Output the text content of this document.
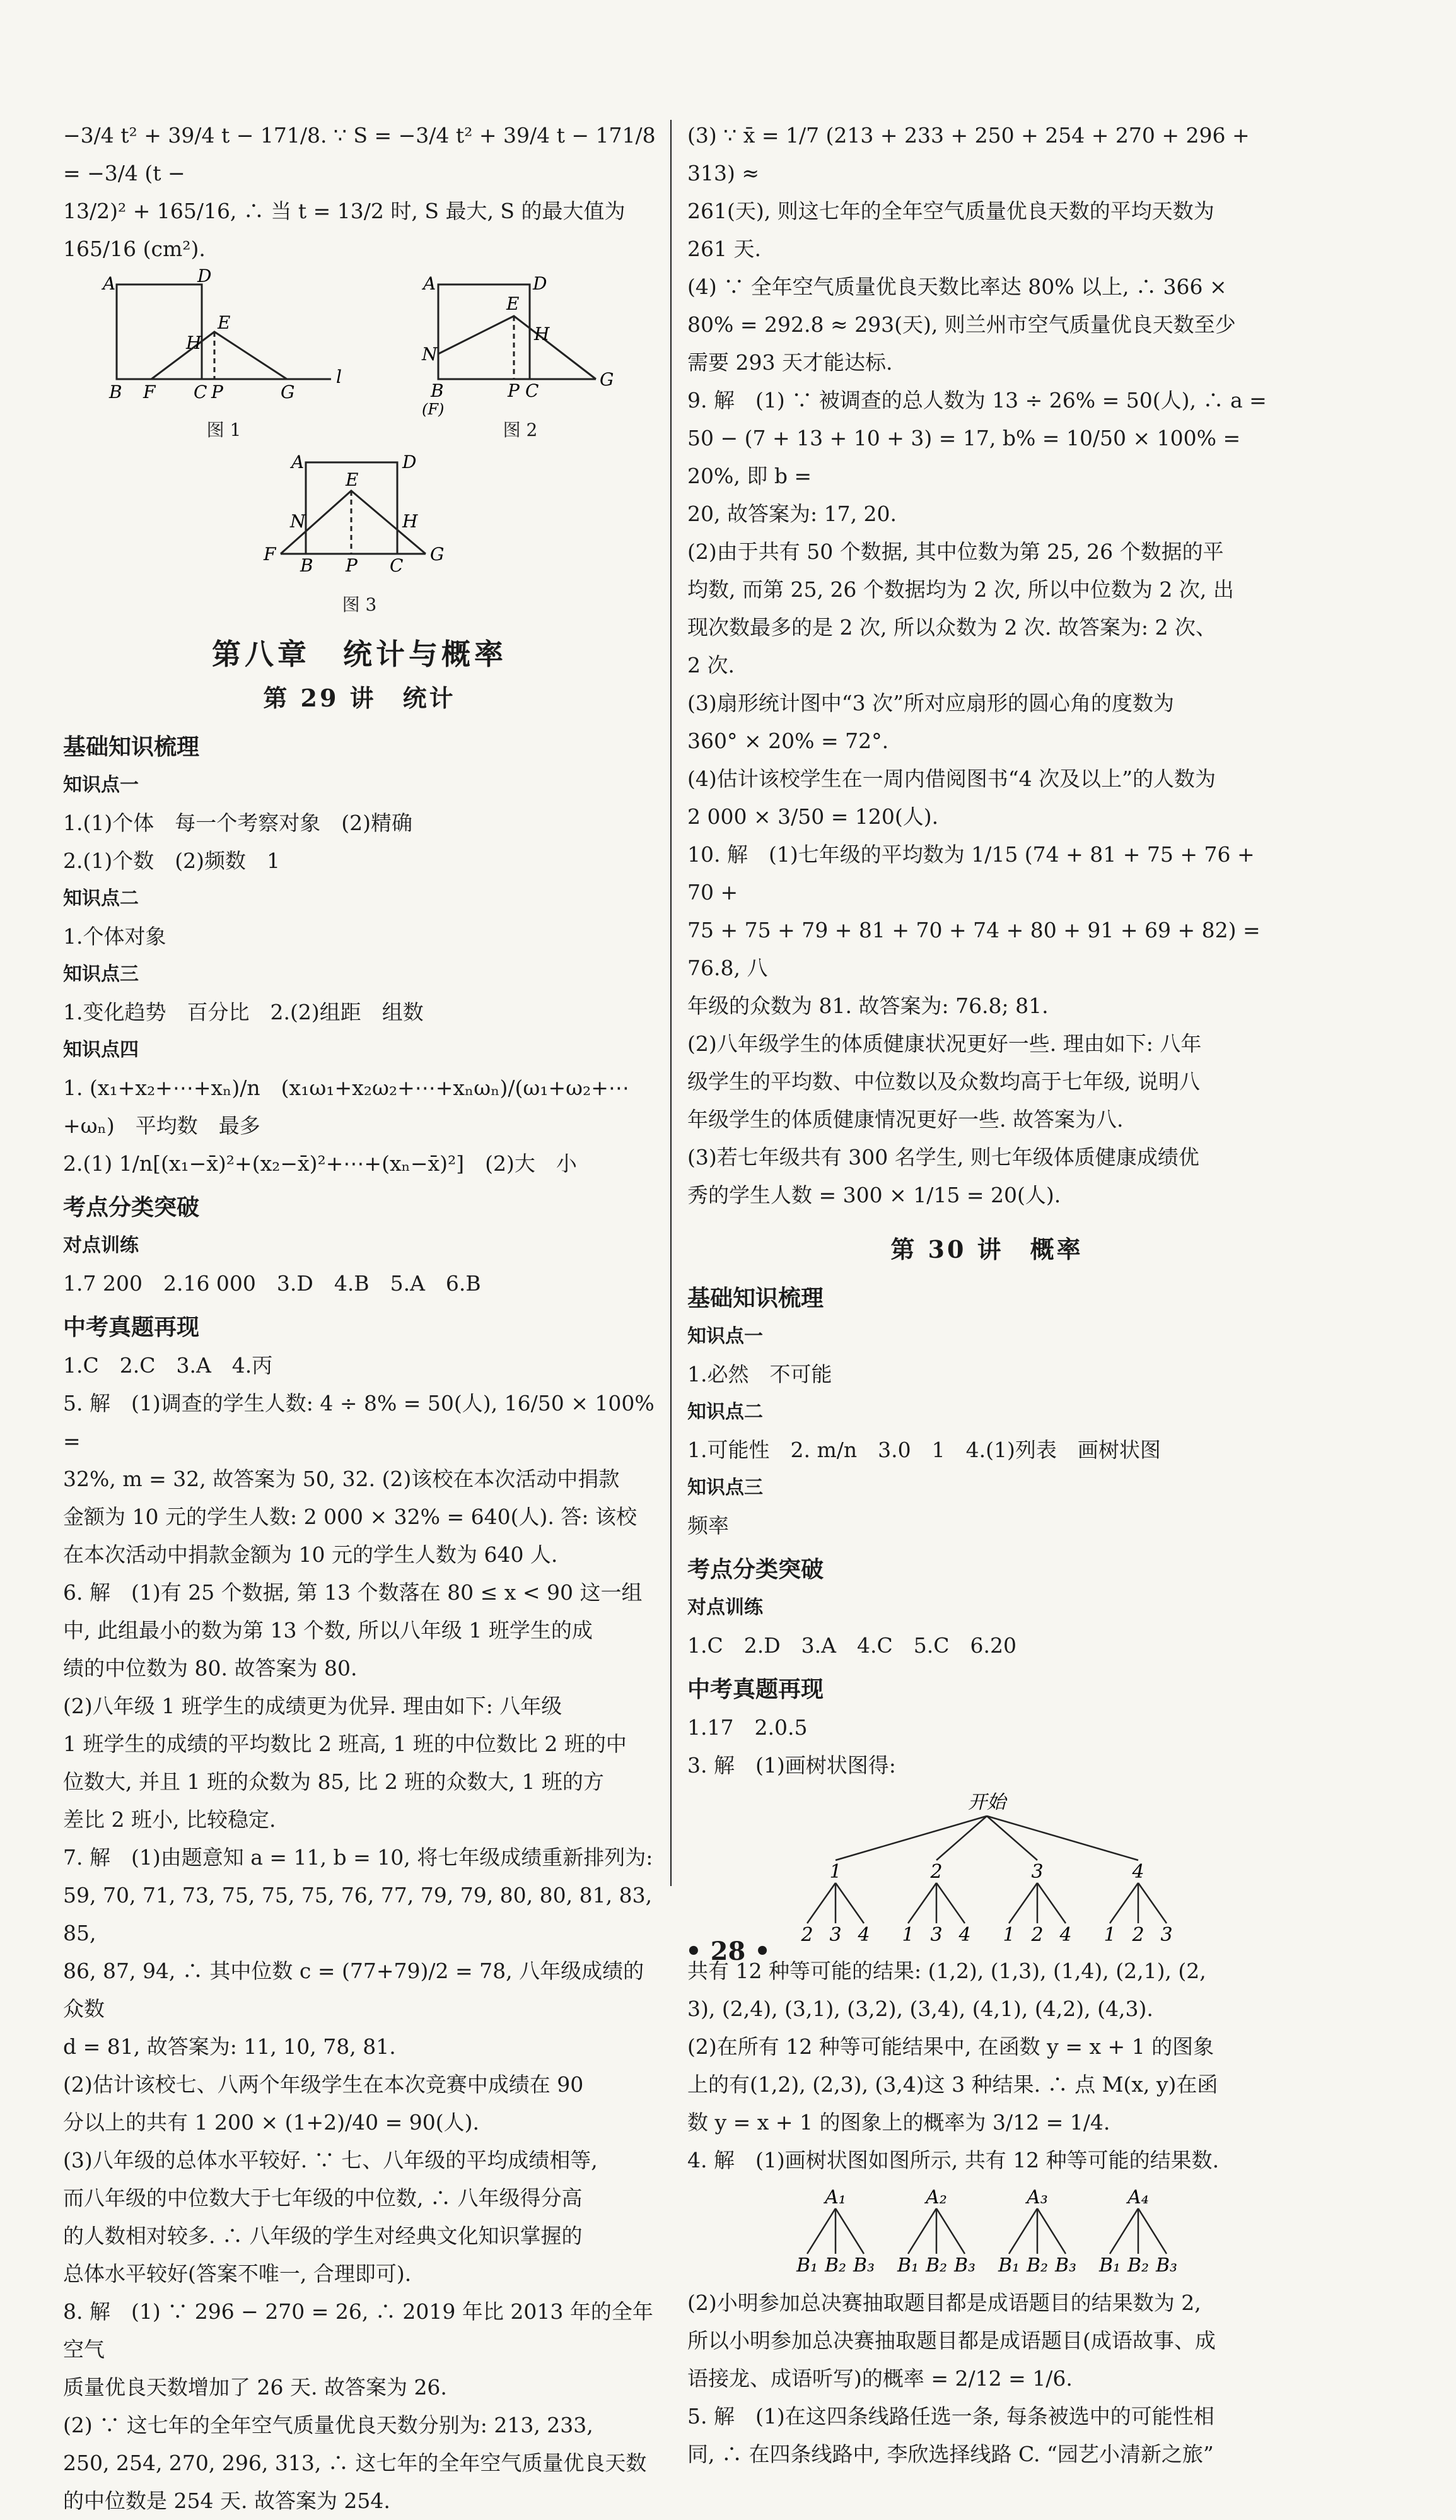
−3/4 t² + 39/4 t − 171/8. ∵ S = −3/4 t² + 39/4 t − 171/8 = −3/4 (t −

13/2)² + 165/16, ∴ 当 t = 13/2 时, S 最大, S 的最大值为 165/16 (cm²).

A	D
E
H
B F C P	G
l
图 1
A	D
E
H
N
B
(F)
P C
G
图 2
A	D
E
N	H
F
B P C
G
图 3
第八章　统计与概率
第 29 讲　统计
基础知识梳理
知识点一

1.(1)个体　每一个考察对象　(2)精确

2.(1)个数　(2)频数　1

知识点二

1.个体对象

知识点三

1.变化趋势　百分比　2.(2)组距　组数

知识点四

1. (x₁+x₂+⋯+xₙ)/n　(x₁ω₁+x₂ω₂+⋯+xₙωₙ)/(ω₁+ω₂+⋯+ωₙ)　平均数　最多

2.(1) 1/n[(x₁−x̄)²+(x₂−x̄)²+⋯+(xₙ−x̄)²]　(2)大　小

考点分类突破
对点训练

1.7 200　2.16 000　3.D　4.B　5.A　6.B

中考真题再现

1.C　2.C　3.A　4.丙

5. 解　(1)调查的学生人数: 4 ÷ 8% = 50(人), 16/50 × 100% =

32%, m = 32, 故答案为 50, 32. (2)该校在本次活动中捐款

金额为 10 元的学生人数: 2 000 × 32% = 640(人). 答: 该校

在本次活动中捐款金额为 10 元的学生人数为 640 人.

6. 解　(1)有 25 个数据, 第 13 个数落在 80 ≤ x < 90 这一组

中, 此组最小的数为第 13 个数, 所以八年级 1 班学生的成

绩的中位数为 80. 故答案为 80.

(2)八年级 1 班学生的成绩更为优异. 理由如下: 八年级

1 班学生的成绩的平均数比 2 班高, 1 班的中位数比 2 班的中

位数大, 并且 1 班的众数为 85, 比 2 班的众数大, 1 班的方

差比 2 班小, 比较稳定.

7. 解　(1)由题意知 a = 11, b = 10, 将七年级成绩重新排列为:

59, 70, 71, 73, 75, 75, 75, 76, 77, 79, 79, 80, 80, 81, 83, 85,

86, 87, 94, ∴ 其中位数 c = (77+79)/2 = 78, 八年级成绩的众数

d = 81, 故答案为: 11, 10, 78, 81.

(2)估计该校七、八两个年级学生在本次竞赛中成绩在 90

分以上的共有 1 200 × (1+2)/40 = 90(人).

(3)八年级的总体水平较好. ∵ 七、八年级的平均成绩相等,

而八年级的中位数大于七年级的中位数, ∴ 八年级得分高

的人数相对较多. ∴ 八年级的学生对经典文化知识掌握的

总体水平较好(答案不唯一, 合理即可).

8. 解　(1) ∵ 296 − 270 = 26, ∴ 2019 年比 2013 年的全年空气

质量优良天数增加了 26 天. 故答案为 26.

(2) ∵ 这七年的全年空气质量优良天数分别为: 213, 233,

250, 254, 270, 296, 313, ∴ 这七年的全年空气质量优良天数

的中位数是 254 天. 故答案为 254.

(3) ∵ x̄ = 1/7 (213 + 233 + 250 + 254 + 270 + 296 + 313) ≈

261(天), 则这七年的全年空气质量优良天数的平均天数为

261 天.

(4) ∵ 全年空气质量优良天数比率达 80% 以上, ∴ 366 ×

80% = 292.8 ≈ 293(天), 则兰州市空气质量优良天数至少

需要 293 天才能达标.

9. 解　(1) ∵ 被调查的总人数为 13 ÷ 26% = 50(人), ∴ a =

50 − (7 + 13 + 10 + 3) = 17, b% = 10/50 × 100% = 20%, 即 b =

20, 故答案为: 17, 20.

(2)由于共有 50 个数据, 其中位数为第 25, 26 个数据的平

均数, 而第 25, 26 个数据均为 2 次, 所以中位数为 2 次, 出

现次数最多的是 2 次, 所以众数为 2 次. 故答案为: 2 次、

2 次.

(3)扇形统计图中“3 次”所对应扇形的圆心角的度数为

360° × 20% = 72°.

(4)估计该校学生在一周内借阅图书“4 次及以上”的人数为

2 000 × 3/50 = 120(人).

10. 解　(1)七年级的平均数为 1/15 (74 + 81 + 75 + 76 + 70 +

75 + 75 + 79 + 81 + 70 + 74 + 80 + 91 + 69 + 82) = 76.8, 八

年级的众数为 81. 故答案为: 76.8; 81.

(2)八年级学生的体质健康状况更好一些. 理由如下: 八年

级学生的平均数、中位数以及众数均高于七年级, 说明八

年级学生的体质健康情况更好一些. 故答案为八.

(3)若七年级共有 300 名学生, 则七年级体质健康成绩优

秀的学生人数 = 300 × 1/15 = 20(人).

第 30 讲　概率
基础知识梳理
知识点一

1.必然　不可能

知识点二

1.可能性　2. m/n　3.0　1　4.(1)列表　画树状图

知识点三

频率

考点分类突破
对点训练

1.C　2.D　3.A　4.C　5.C　6.20

中考真题再现

1.17　2.0.5

3. 解　(1)画树状图得:

开始
1
2 3 4
2
1 3 4
3
1 2 4
4
1 2 3

共有 12 种等可能的结果: (1,2), (1,3), (1,4), (2,1), (2,

3), (2,4), (3,1), (3,2), (3,4), (4,1), (4,2), (4,3).

(2)在所有 12 种等可能结果中, 在函数 y = x + 1 的图象

上的有(1,2), (2,3), (3,4)这 3 种结果. ∴ 点 M(x, y)在函

数 y = x + 1 的图象上的概率为 3/12 = 1/4.

4. 解　(1)画树状图如图所示, 共有 12 种等可能的结果数.

A₁
B₁ B₂ B₃
A₂
B₁ B₂ B₃
A₃
B₁ B₂ B₃
A₄
B₁ B₂ B₃

(2)小明参加总决赛抽取题目都是成语题目的结果数为 2,

所以小明参加总决赛抽取题目都是成语题目(成语故事、成

语接龙、成语听写)的概率 = 2/12 = 1/6.

5. 解　(1)在这四条线路任选一条, 每条被选中的可能性相

同, ∴ 在四条线路中, 李欣选择线路 C. “园艺小清新之旅”

• 28 •
